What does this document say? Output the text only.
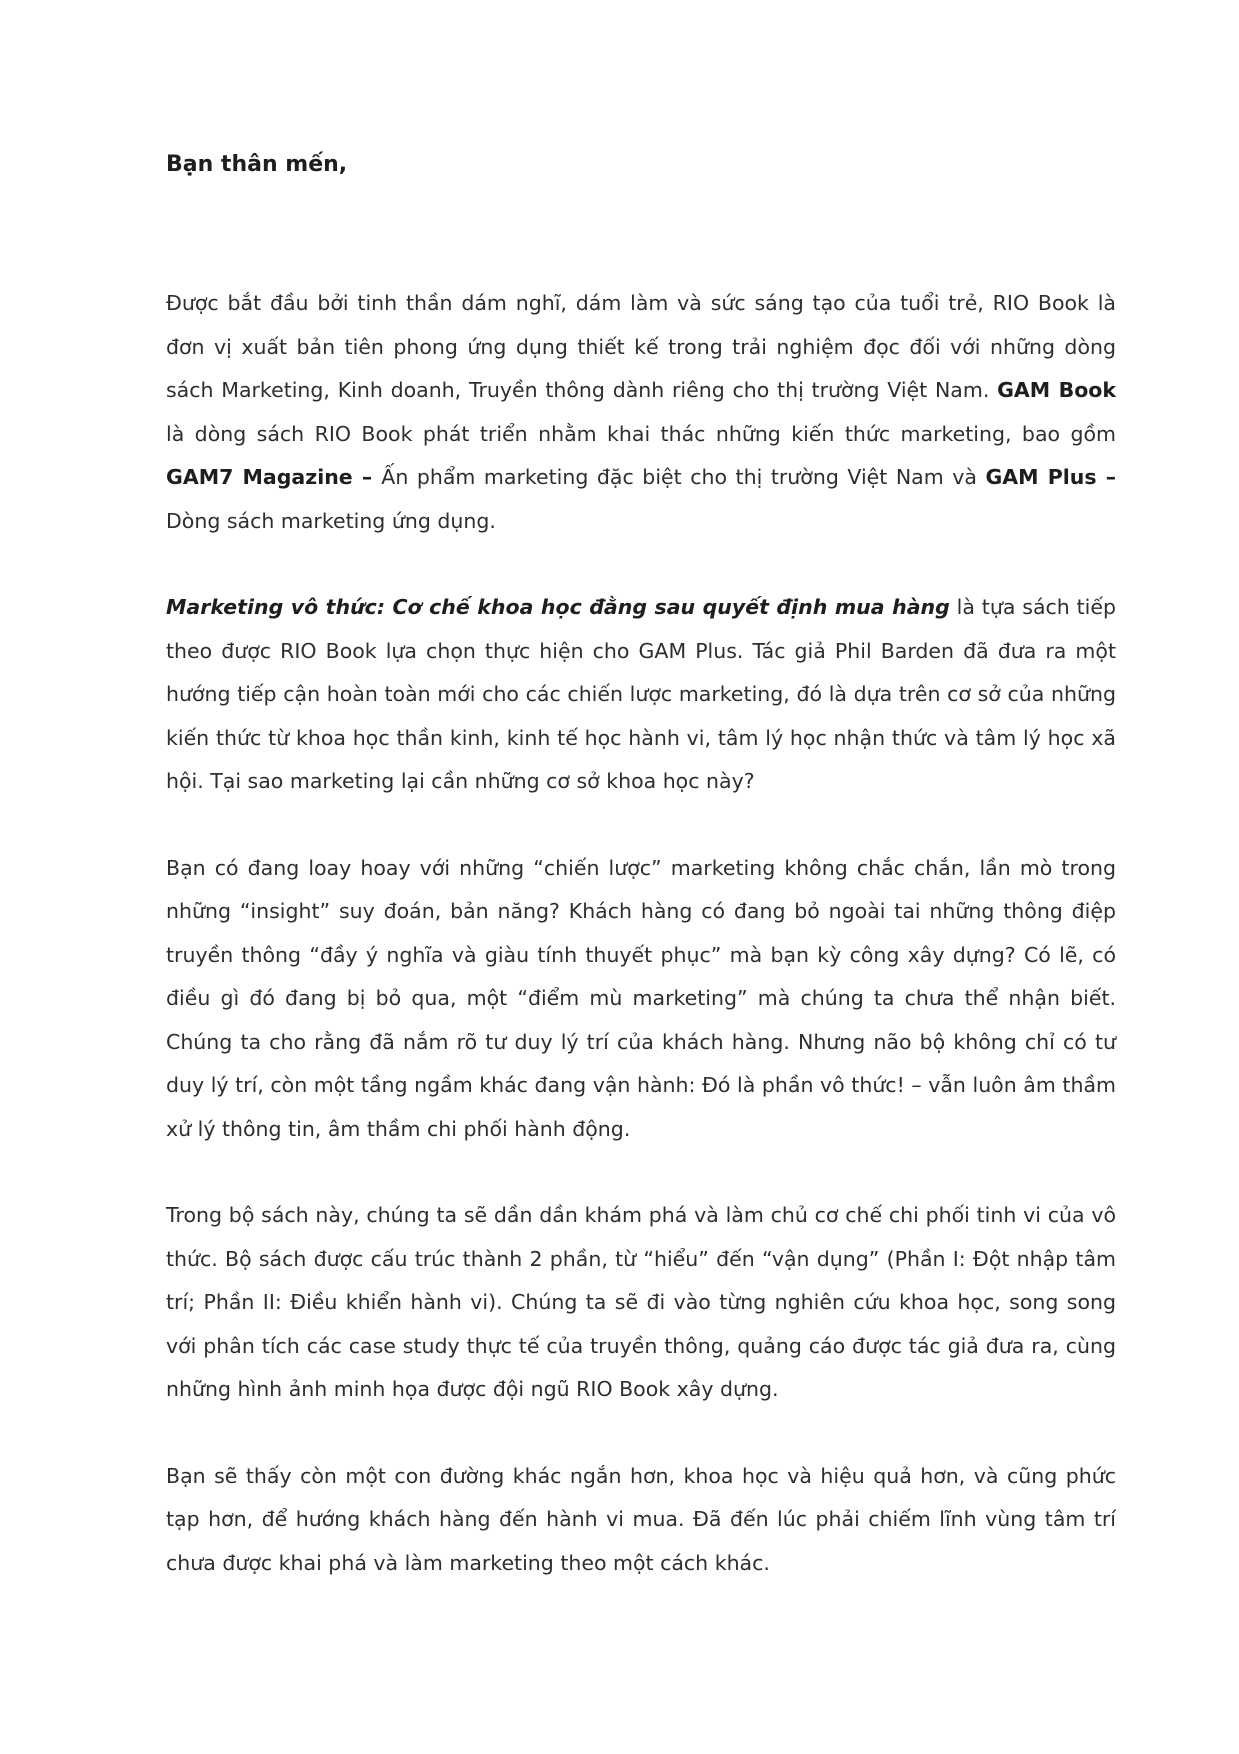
Bạn thân mến,

Được bắt đầu bởi tinh thần dám nghĩ, dám làm và sức sáng tạo của tuổi trẻ, RIO Book là đơn vị xuất bản tiên phong ứng dụng thiết kế trong trải nghiệm đọc đối với những dòng sách Marketing, Kinh doanh, Truyền thông dành riêng cho thị trường Việt Nam. GAM Book là dòng sách RIO Book phát triển nhằm khai thác những kiến thức marketing, bao gồm GAM7 Magazine – Ấn phẩm marketing đặc biệt cho thị trường Việt Nam và GAM Plus – Dòng sách marketing ứng dụng.

Marketing vô thức: Cơ chế khoa học đằng sau quyết định mua hàng là tựa sách tiếp theo được RIO Book lựa chọn thực hiện cho GAM Plus. Tác giả Phil Barden đã đưa ra một hướng tiếp cận hoàn toàn mới cho các chiến lược marketing, đó là dựa trên cơ sở của những kiến thức từ khoa học thần kinh, kinh tế học hành vi, tâm lý học nhận thức và tâm lý học xã hội. Tại sao marketing lại cần những cơ sở khoa học này?

Bạn có đang loay hoay với những “chiến lược” marketing không chắc chắn, lần mò trong những “insight” suy đoán, bản năng? Khách hàng có đang bỏ ngoài tai những thông điệp truyền thông “đầy ý nghĩa và giàu tính thuyết phục” mà bạn kỳ công xây dựng? Có lẽ, có điều gì đó đang bị bỏ qua, một “điểm mù marketing” mà chúng ta chưa thể nhận biết. Chúng ta cho rằng đã nắm rõ tư duy lý trí của khách hàng. Nhưng não bộ không chỉ có tư duy lý trí, còn một tầng ngầm khác đang vận hành: Đó là phần vô thức! – vẫn luôn âm thầm xử lý thông tin, âm thầm chi phối hành động.

Trong bộ sách này, chúng ta sẽ dần dần khám phá và làm chủ cơ chế chi phối tinh vi của vô thức. Bộ sách được cấu trúc thành 2 phần, từ “hiểu” đến “vận dụng” (Phần I: Đột nhập tâm trí; Phần II: Điều khiển hành vi). Chúng ta sẽ đi vào từng nghiên cứu khoa học, song song với phân tích các case study thực tế của truyền thông, quảng cáo được tác giả đưa ra, cùng những hình ảnh minh họa được đội ngũ RIO Book xây dựng.

Bạn sẽ thấy còn một con đường khác ngắn hơn, khoa học và hiệu quả hơn, và cũng phức tạp hơn, để hướng khách hàng đến hành vi mua. Đã đến lúc phải chiếm lĩnh vùng tâm trí chưa được khai phá và làm marketing theo một cách khác.
